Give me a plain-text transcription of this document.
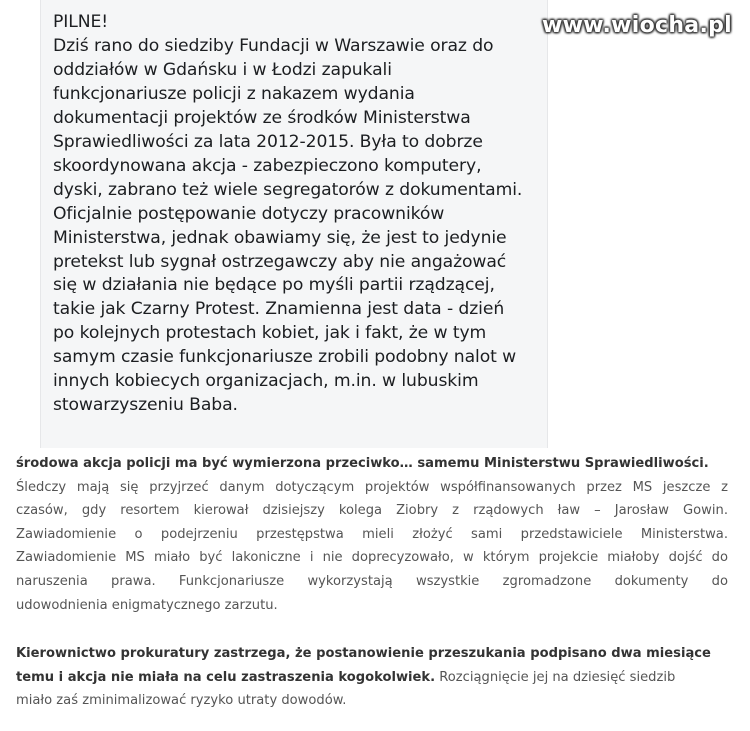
PILNE!
Dziś rano do siedziby Fundacji w Warszawie oraz do
oddziałów w Gdańsku i w Łodzi zapukali
funkcjonariusze policji z nakazem wydania
dokumentacji projektów ze środków Ministerstwa
Sprawiedliwości za lata 2012-2015. Była to dobrze
skoordynowana akcja - zabezpieczono komputery,
dyski, zabrano też wiele segregatorów z dokumentami.
Oficjalnie postępowanie dotyczy pracowników
Ministerstwa, jednak obawiamy się, że jest to jedynie
pretekst lub sygnał ostrzegawczy aby nie angażować
się w działania nie będące po myśli partii rządzącej,
takie jak Czarny Protest. Znamienna jest data - dzień
po kolejnych protestach kobiet, jak i fakt, że w tym
samym czasie funkcjonariusze zrobili podobny nalot w
innych kobiecych organizacjach, m.in. w lubuskim
stowarzyszeniu Baba.
www.wiocha.pl
środowa akcja policji ma być wymierzona przeciwko… samemu Ministerstwu Sprawiedliwości.
Śledczy mają się przyjrzeć danym dotyczącym projektów współfinansowanych przez MS jeszcze z
czasów, gdy resortem kierował dzisiejszy kolega Ziobry z rządowych ław – Jarosław Gowin.
Zawiadomienie o podejrzeniu przestępstwa mieli złożyć sami przedstawiciele Ministerstwa.
Zawiadomienie MS miało być lakoniczne i nie doprecyzowało, w którym projekcie miałoby dojść do
naruszenia prawa. Funkcjonariusze wykorzystają wszystkie zgromadzone dokumenty do
udowodnienia enigmatycznego zarzutu.
Kierownictwo prokuratury zastrzega, że postanowienie przeszukania podpisano dwa miesiące
temu i akcja nie miała na celu zastraszenia kogokolwiek. Rozciągnięcie jej na dziesięć siedzib
miało zaś zminimalizować ryzyko utraty dowodów.
